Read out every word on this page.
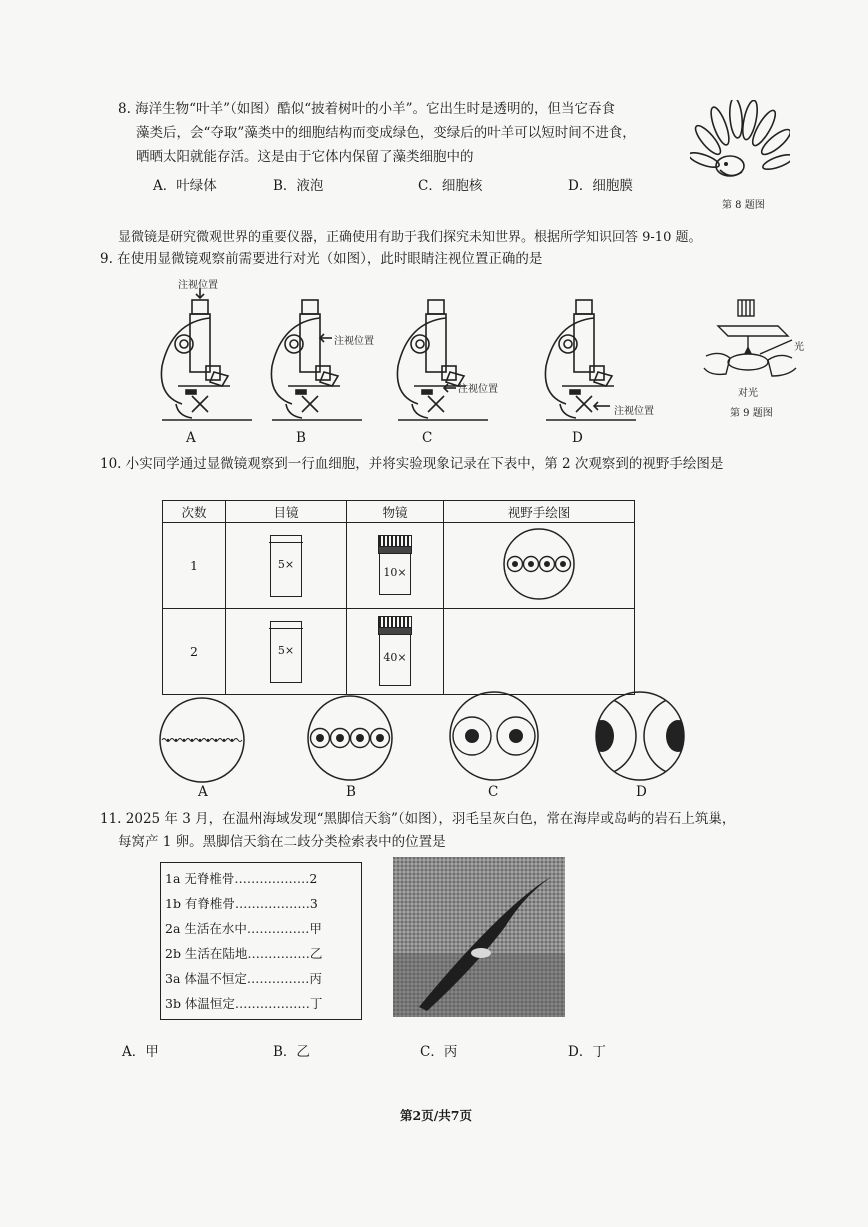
8. 海洋生物“叶羊”（如图）酷似“披着树叶的小羊”。它出生时是透明的，但当它吞食
藻类后，会“夺取”藻类中的细胞结构而变成绿色，变绿后的叶羊可以短时间不进食，
晒晒太阳就能存活。这是由于它体内保留了藻类细胞中的
A．叶绿体	B．液泡	C．细胞核	D．细胞膜
第 8 题图
显微镜是研究微观世界的重要仪器，正确使用有助于我们探究未知世界。根据所学知识回答 9-10 题。
9. 在使用显微镜观察前需要进行对光（如图），此时眼睛注视位置正确的是
注视位置
A
注视位置
B
注视位置
C
注视位置
D
光
对光
第 9 题图
10. 小实同学通过显微镜观察到一行血细胞，并将实验现象记录在下表中，第 2 次观察到的视野手绘图是
次数	目镜	物镜	视野手绘图
1	5×	10×

2	5×	40×	

A	B	C	D
11. 2025 年 3 月，在温州海域发现“黑脚信天翁”（如图），羽毛呈灰白色，常在海岸或岛屿的岩石上筑巢，
每窝产 1 卵。黑脚信天翁在二歧分类检索表中的位置是
1a 无脊椎骨………………2
1b 有脊椎骨………………3
2a 生活在水中……………甲
2b 生活在陆地……………乙
3a 体温不恒定……………丙
3b 体温恒定………………丁
A．甲	B．乙	C．丙	D．丁
第2页/共7页
